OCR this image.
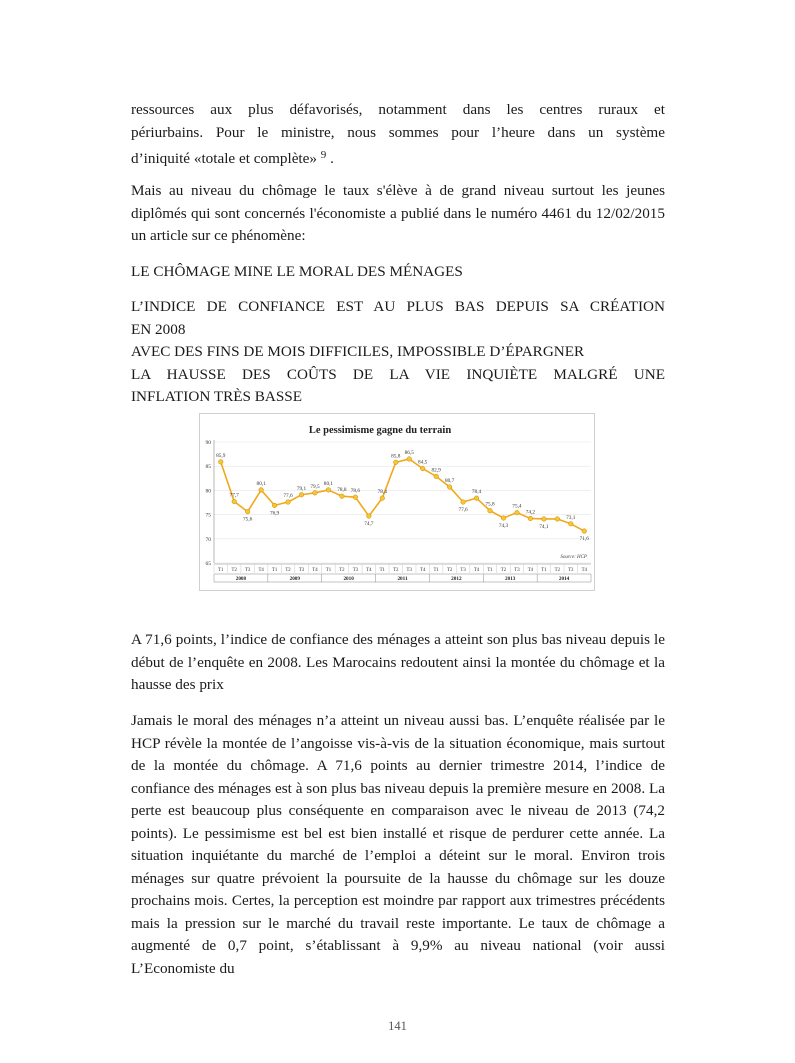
ressources aux plus défavorisés, notamment dans les centres ruraux et
périurbains. Pour le ministre, nous sommes pour l’heure dans un système
d’iniquité «totale et complète» $^9$ .
Mais au niveau du chômage le taux s'élève à de grand niveau surtout les jeunes diplômés qui sont concernés l'économiste a publié dans le numéro 4461 du 12/02/2015 un article sur ce phénomène:
LE CHÔMAGE MINE LE MORAL DES MÉNAGES
L’INDICE DE CONFIANCE EST AU PLUS BAS DEPUIS SA CRÉATION
EN 2008
AVEC DES FINS DE MOIS DIFFICILES, IMPOSSIBLE D’ÉPARGNER
LA HAUSSE DES COÛTS DE LA VIE INQUIÈTE MALGRÉ UNE
INFLATION TRÈS BASSE
Le pessimisme gagne du terrain
65
70
75
80
85
90
85,9
77,7
75,6
80,1
76,9
77,6
79,1 79,5 80,1
78,8 78,6
74,7
78,4
85,8
86,5
84,5
82,9
80,7
77,6
78,4
75,8
74,3
75,4
74,2
74,1
73,1
71,6
T1 T2 T3 T4 T1 T2 T3 T4 T1 T2 T3 T4 T1 T2 T3 T4 T1 T2 T3 T4 T1 T2 T3 T4 T1 T2 T3 T4
2008	2009	2010	2011	2012	2013	2014
Source: HCP
A 71,6 points, l’indice de confiance des ménages a atteint son plus bas niveau depuis le début de l’enquête en 2008. Les Marocains redoutent ainsi la montée du chômage et la hausse des prix
Jamais le moral des ménages n’a atteint un niveau aussi bas. L’enquête réalisée par le HCP révèle la montée de l’angoisse vis-à-vis de la situation économique, mais surtout de la montée du chômage. A 71,6 points au dernier trimestre 2014, l’indice de confiance des ménages est à son plus bas niveau depuis la première mesure en 2008. La perte est beaucoup plus conséquente en comparaison avec le niveau de 2013 (74,2 points). Le pessimisme est bel est bien installé et risque de perdurer cette année. La situation inquiétante du marché de l’emploi a déteint sur le moral. Environ trois ménages sur quatre prévoient la poursuite de la hausse du chômage sur les douze prochains mois. Certes, la perception est moindre par rapport aux trimestres précédents mais la pression sur le marché du travail reste importante. Le taux de chômage a augmenté de 0,7 point, s’établissant à 9,9% au niveau national (voir aussi L’Economiste du
141
